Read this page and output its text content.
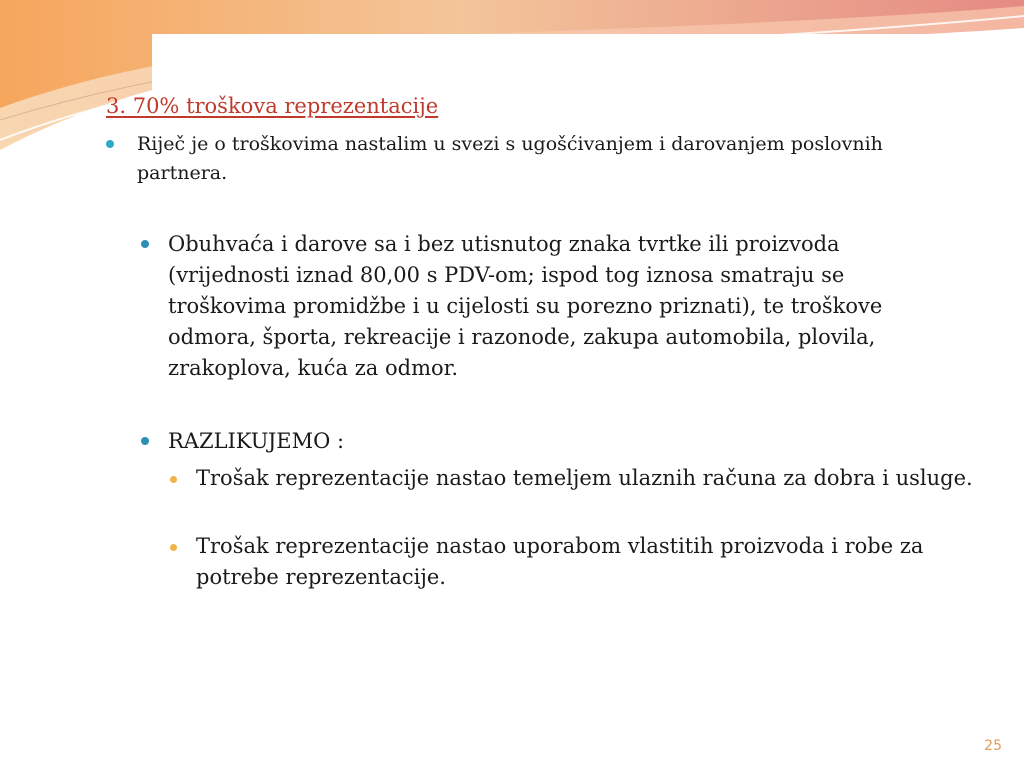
3. 70% troškova reprezentacije
Riječ je o troškovima nastalim u svezi s ugošćivanjem i darovanjem poslovnih partnera.
Obuhvaća i darove sa i bez utisnutog znaka tvrtke ili proizvoda (vrijednosti iznad 80,00 s PDV-om; ispod tog iznosa smatraju se troškovima promidžbe i u cijelosti su porezno priznati), te troškove odmora, športa, rekreacije i razonode, zakupa automobila, plovila, zrakoplova, kuća za odmor.
RAZLIKUJEMO :
Trošak reprezentacije nastao temeljem ulaznih računa za dobra i usluge.
Trošak reprezentacije nastao uporabom vlastitih proizvoda i robe za potrebe reprezentacije.
25
